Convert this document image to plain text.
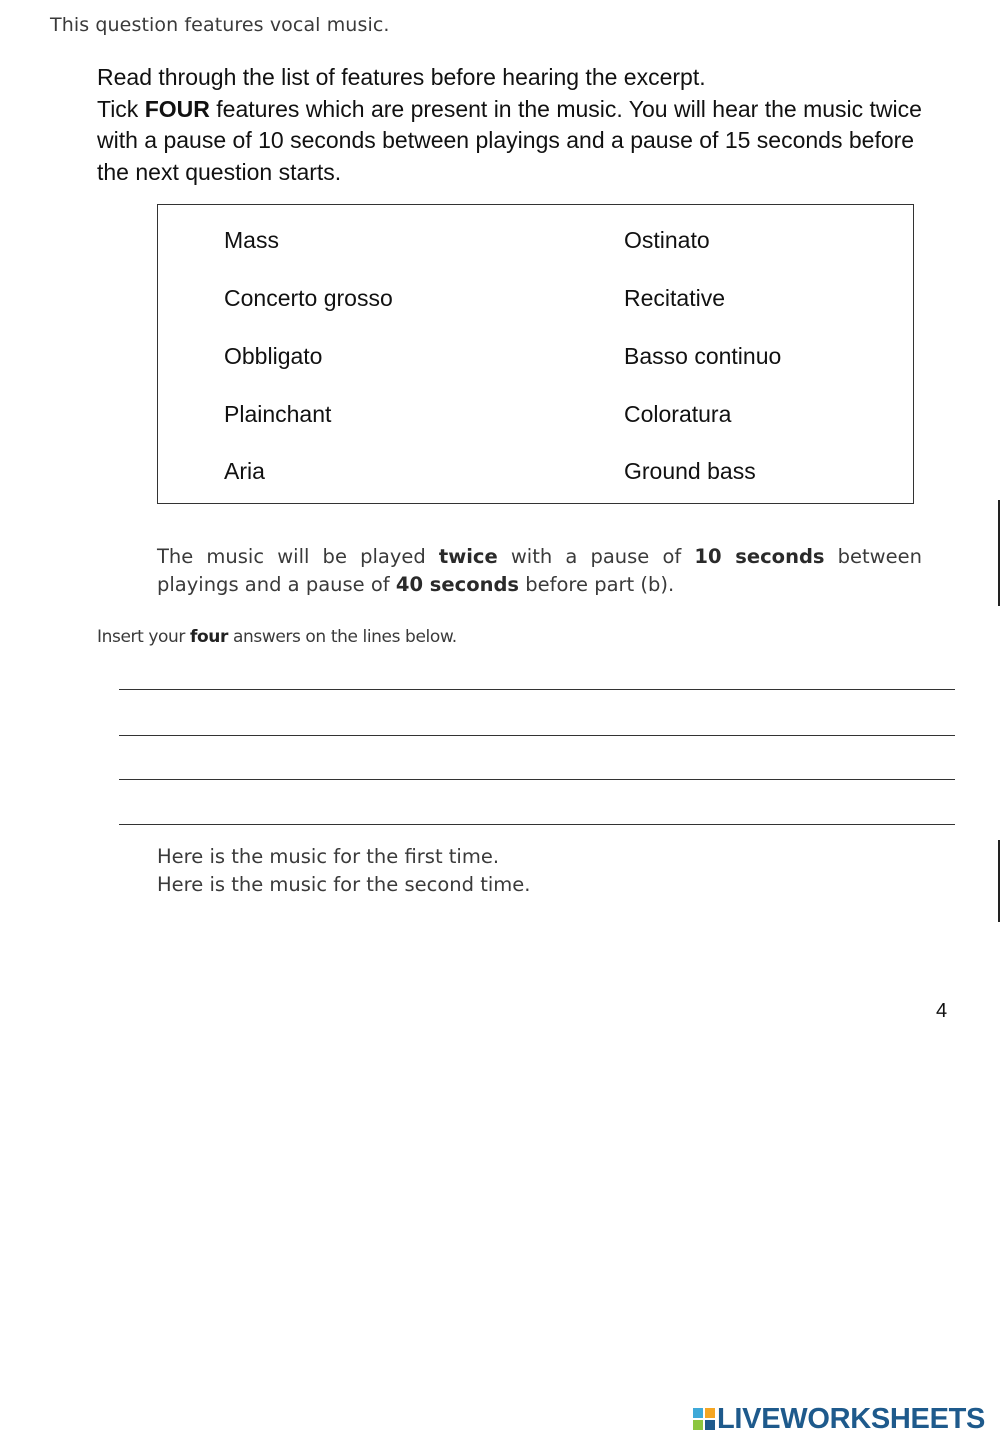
This question features vocal music.
Read through the list of features before hearing the excerpt.
Tick FOUR features which are present in the music. You will hear the music twice with a pause of 10 seconds between playings and a pause of 15 seconds before the next question starts.
Mass
Concerto grosso
Obbligato
Plainchant
Aria
Ostinato
Recitative
Basso continuo
Coloratura
Ground bass
The music will be played twice with a pause of 10 seconds between playings and a pause of 40 seconds before part (b).
Insert your four answers on the lines below.
Here is the music for the first time.
Here is the music for the second time.
4
LIVEWORKSHEETS
